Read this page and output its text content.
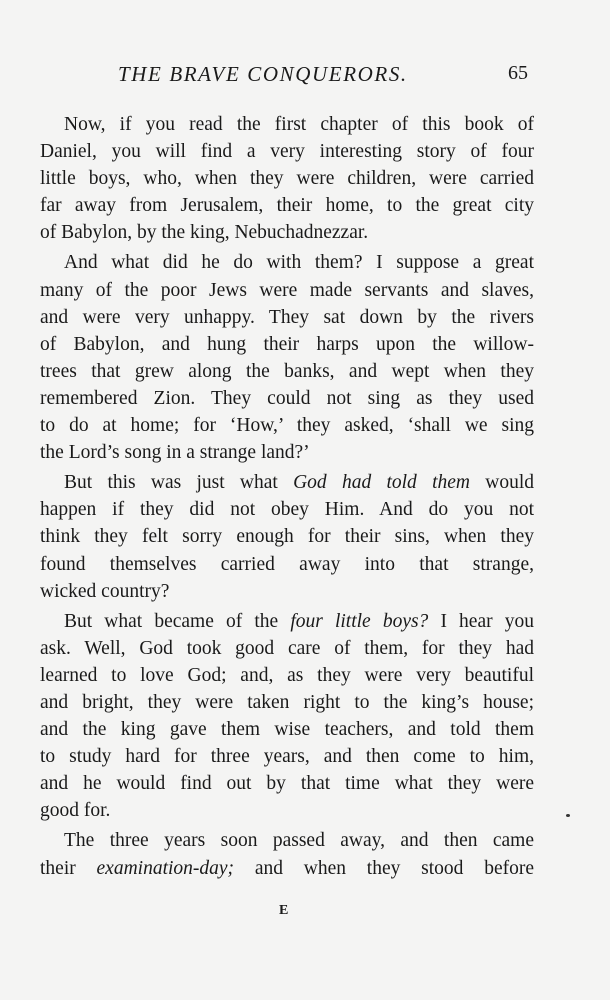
THE BRAVE CONQUERORS.	65
Now, if you read the first chapter of this book of
Daniel, you will find a very interesting story of four
little boys, who, when they were children, were carried
far away from Jerusalem, their home, to the great city
of Babylon, by the king, Nebuchadnezzar.
And what did he do with them? I suppose a great
many of the poor Jews were made servants and slaves,
and were very unhappy. They sat down by the rivers
of Babylon, and hung their harps upon the willow-
trees that grew along the banks, and wept when they
remembered Zion. They could not sing as they used
to do at home; for ‘How,’ they asked, ‘shall we sing
the Lord’s song in a strange land?’
But this was just what God had told them would
happen if they did not obey Him. And do you not
think they felt sorry enough for their sins, when they
found themselves carried away into that strange,
wicked country?
But what became of the four little boys? I hear you
ask. Well, God took good care of them, for they had
learned to love God; and, as they were very beautiful
and bright, they were taken right to the king’s house;
and the king gave them wise teachers, and told them
to study hard for three years, and then come to him,
and he would find out by that time what they were
good for.
The three years soon passed away, and then came
their examination-day; and when they stood before
E
